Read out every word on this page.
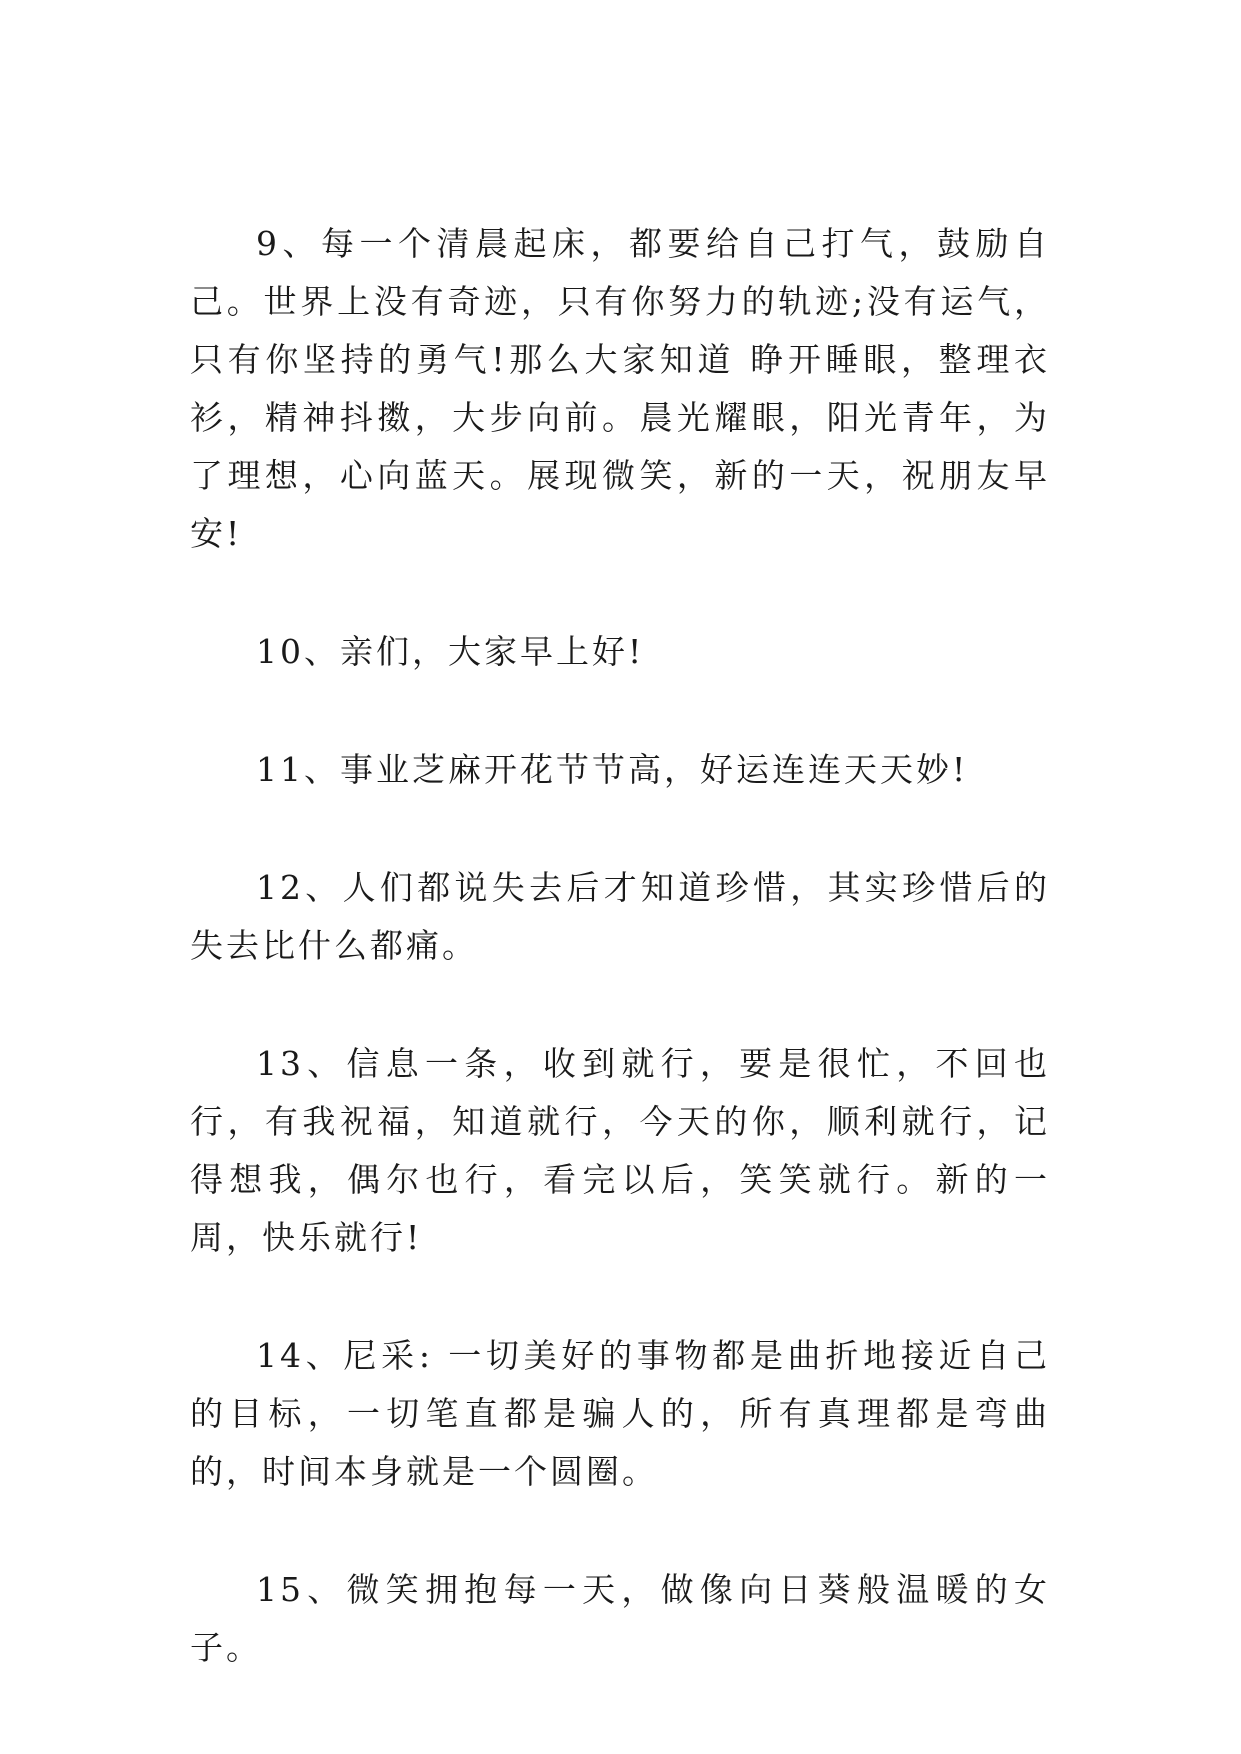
9、每一个清晨起床，都要给自己打气，鼓励自己。世界上没有奇迹，只有你努力的轨迹;没有运气，只有你坚持的勇气!那么大家知道 睁开睡眼，整理衣衫，精神抖擞，大步向前。晨光耀眼，阳光青年，为了理想，心向蓝天。展现微笑，新的一天，祝朋友早安!

10、亲们，大家早上好!

11、事业芝麻开花节节高，好运连连天天妙!

12、人们都说失去后才知道珍惜，其实珍惜后的失去比什么都痛。

13、信息一条，收到就行，要是很忙，不回也行，有我祝福，知道就行，今天的你，顺利就行，记得想我，偶尔也行，看完以后，笑笑就行。新的一周，快乐就行!

14、尼采: 一切美好的事物都是曲折地接近自己的目标，一切笔直都是骗人的，所有真理都是弯曲的，时间本身就是一个圆圈。

15、微笑拥抱每一天，做像向日葵般温暖的女子。
